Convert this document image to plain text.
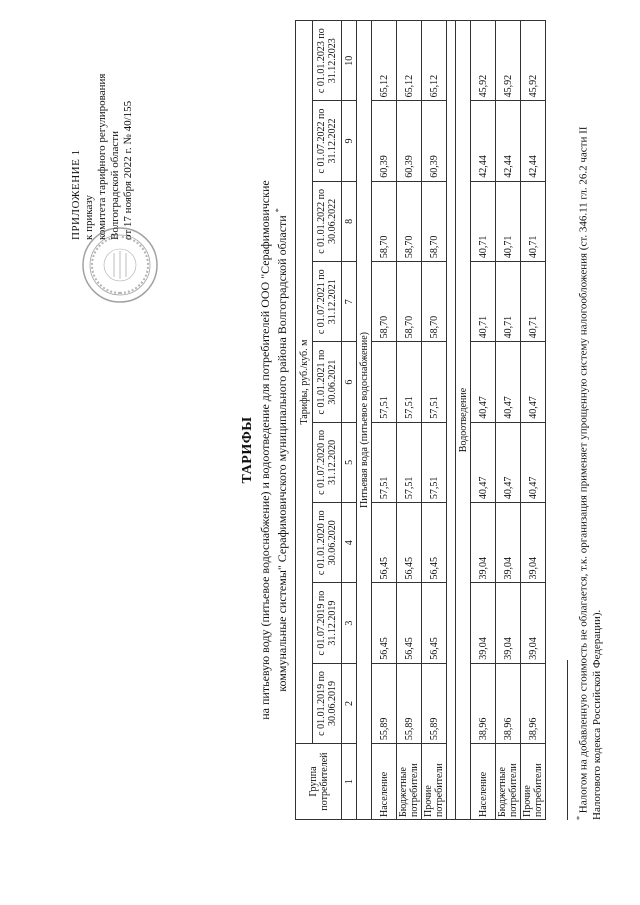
ПРИЛОЖЕНИЕ 1 к приказу комитета тарифного регулирования Волгоградской области от 17 ноября 2022 г. № 40/155
ТАРИФЫ на питьевую воду (питьевое водоснабжение) и водоотведение для потребителей ООО "Серафимовичские коммунальные системы" Серафимовичского муниципального района Волгоградской области *
Группа потребителей	Тарифы, руб./куб. м								
	с 01.01.2019 по 30.06.2019	с 01.07.2019 по 31.12.2019	с 01.01.2020 по 30.06.2020	с 01.07.2020 по 31.12.2020	с 01.01.2021 по 30.06.2021	с 01.07.2021 по 31.12.2021	с 01.01.2022 по 30.06.2022	с 01.07.2022 по 31.12.2022	с 01.01.2023 по 31.12.2023
1	2	3	4	5	6	7	8	9	10
Питьевая вода (питьевое водоснабжение)									
Население	55,89	56,45	56,45	57,51	57,51	58,70	58,70	60,39	65,12
Бюджетные потребители	55,89	56,45	56,45	57,51	57,51	58,70	58,70	60,39	65,12
Прочие потребители	55,89	56,45	56,45	57,51	57,51	58,70	58,70	60,39	65,12

Водоотведение									
Население	38,96	39,04	39,04	40,47	40,47	40,71	40,71	42,44	45,92
Бюджетные потребители	38,96	39,04	39,04	40,47	40,47	40,71	40,71	42,44	45,92
Прочие потребители	38,96	39,04	39,04	40,47	40,47	40,71	40,71	42,44	45,92
* Налогом на добавленную стоимость не облагается, т.к. организация применяет упрощенную систему налогообложения (ст. 346.11 гл. 26.2 части II Налогового кодекса Российской Федерации).
